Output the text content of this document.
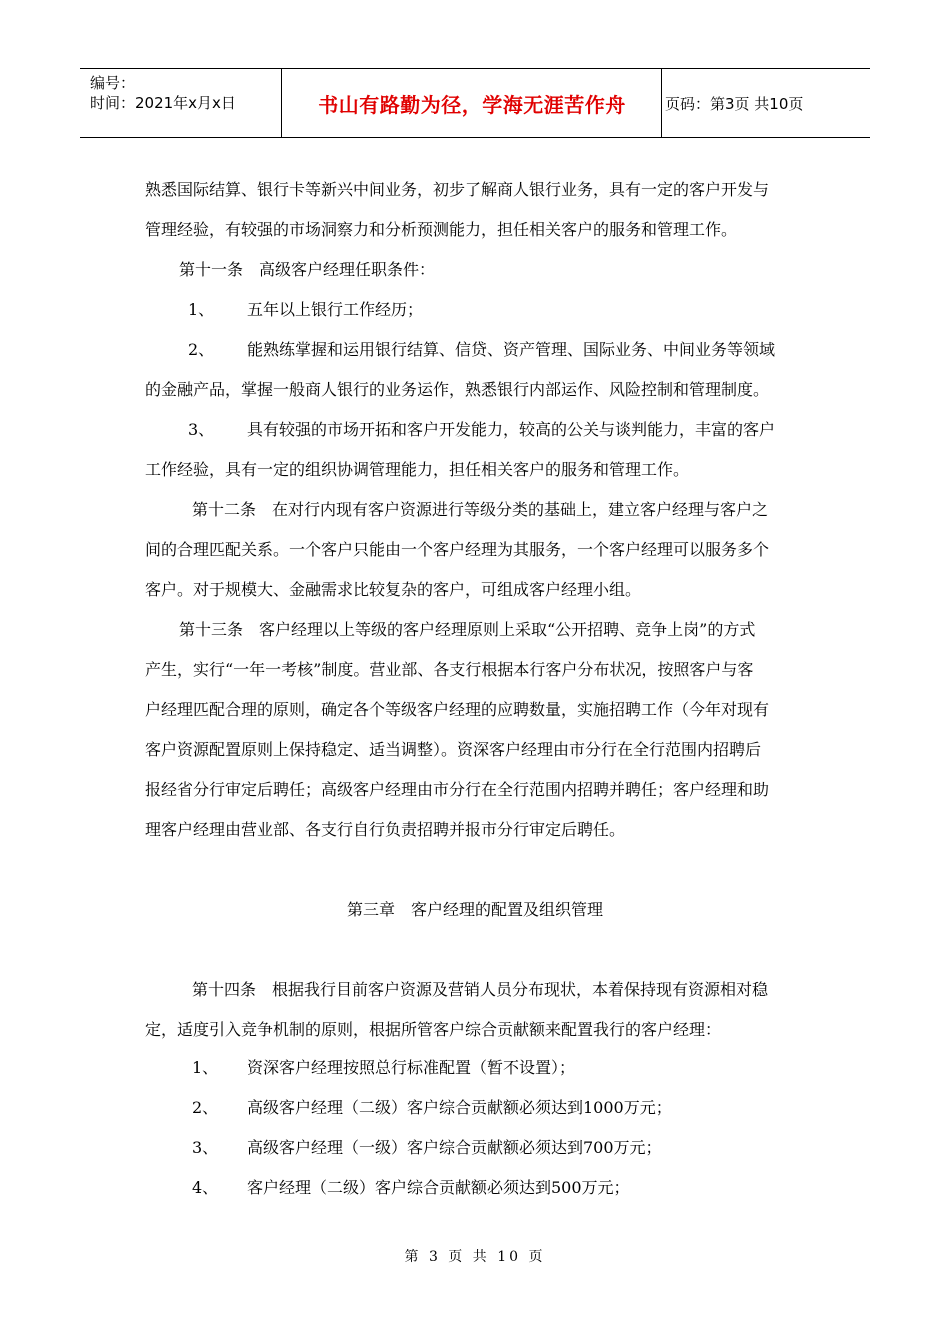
编号：
时间：2021年x月x日	书山有路勤为径，学海无涯苦作舟	页码：第3页 共10页
熟悉国际结算、银行卡等新兴中间业务，初步了解商人银行业务，具有一定的客户开发与
管理经验，有较强的市场洞察力和分析预测能力，担任相关客户的服务和管理工作。
第十一条　高级客户经理任职条件：
1、 五年以上银行工作经历；
2、 能熟练掌握和运用银行结算、信贷、资产管理、国际业务、中间业务等领域
的金融产品，掌握一般商人银行的业务运作，熟悉银行内部运作、风险控制和管理制度。
3、 具有较强的市场开拓和客户开发能力，较高的公关与谈判能力，丰富的客户
工作经验，具有一定的组织协调管理能力，担任相关客户的服务和管理工作。
第十二条　在对行内现有客户资源进行等级分类的基础上，建立客户经理与客户之
间的合理匹配关系。一个客户只能由一个客户经理为其服务，一个客户经理可以服务多个
客户。对于规模大、金融需求比较复杂的客户，可组成客户经理小组。
第十三条　客户经理以上等级的客户经理原则上采取“公开招聘、竞争上岗”的方式
产生，实行“一年一考核”制度。营业部、各支行根据本行客户分布状况，按照客户与客
户经理匹配合理的原则，确定各个等级客户经理的应聘数量，实施招聘工作（今年对现有
客户资源配置原则上保持稳定、适当调整）。资深客户经理由市分行在全行范围内招聘后
报经省分行审定后聘任；高级客户经理由市分行在全行范围内招聘并聘任；客户经理和助
理客户经理由营业部、各支行自行负责招聘并报市分行审定后聘任。
第三章　客户经理的配置及组织管理
第十四条　根据我行目前客户资源及营销人员分布现状，本着保持现有资源相对稳
定，适度引入竞争机制的原则，根据所管客户综合贡献额来配置我行的客户经理：
1、 资深客户经理按照总行标准配置（暂不设置）；
2、 高级客户经理（二级）客户综合贡献额必须达到1000万元；
3、 高级客户经理（一级）客户综合贡献额必须达到700万元；
4、 客户经理（二级）客户综合贡献额必须达到500万元；
第 3 页 共 10 页
